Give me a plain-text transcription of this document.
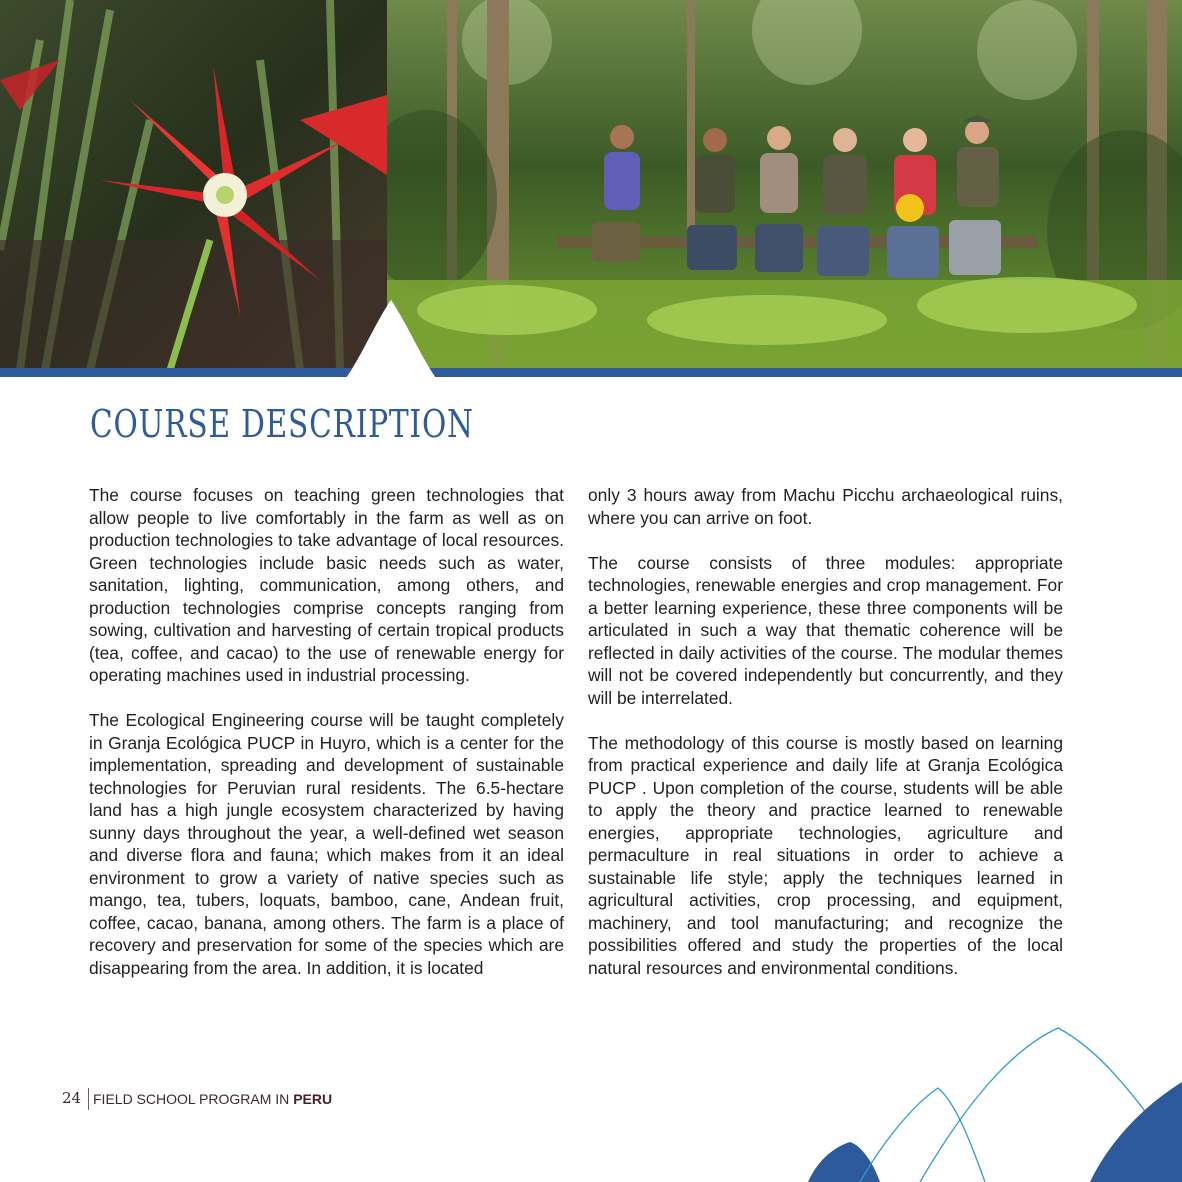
COURSE DESCRIPTION

The course focuses on teaching green technologies that allow people to live comfortably in the farm as well as on production technologies to take advantage of local resources. Green technologies include basic needs such as water, sanitation, lighting, communication, among others, and production technologies comprise concepts ranging from sowing, cultivation and harvesting of certain tropical products (tea, coffee, and cacao) to the use of renewable energy for operating machines used in industrial processing.

The Ecological Engineering course will be taught completely in Granja Ecológica PUCP in Huyro, which is a center for the implementation, spreading and development of sustainable technologies for Peruvian rural residents. The 6.5-hectare land has a high jungle ecosystem characterized by having sunny days throughout the year, a well-defined wet season and diverse flora and fauna; which makes from it an ideal environment to grow a variety of native species such as mango, tea, tubers, loquats, bamboo, cane, Andean fruit, coffee, cacao, banana, among others. The farm is a place of recovery and preservation for some of the species which are disappearing from the area. In addition, it is located

only 3 hours away from Machu Picchu archaeological ruins, where you can arrive on foot.

The course consists of three modules: appropriate technologies, renewable energies and crop management. For a better learning experience, these three components will be articulated in such a way that thematic coherence will be reflected in daily activities of the course. The modular themes will not be covered independently but concurrently, and they will be interrelated.

The methodology of this course is mostly based on learning from practical experience and daily life at Granja Ecológica PUCP . Upon completion of the course, students will be able to apply the theory and practice learned to renewable energies, appropriate technologies, agriculture and permaculture in real situations in order to achieve a sustainable life style; apply the techniques learned in agricultural activities, crop processing, and equipment, machinery, and tool manufacturing; and recognize the possibilities offered and study the properties of the local natural resources and environmental conditions.

24 FIELD SCHOOL PROGRAM IN PERU
